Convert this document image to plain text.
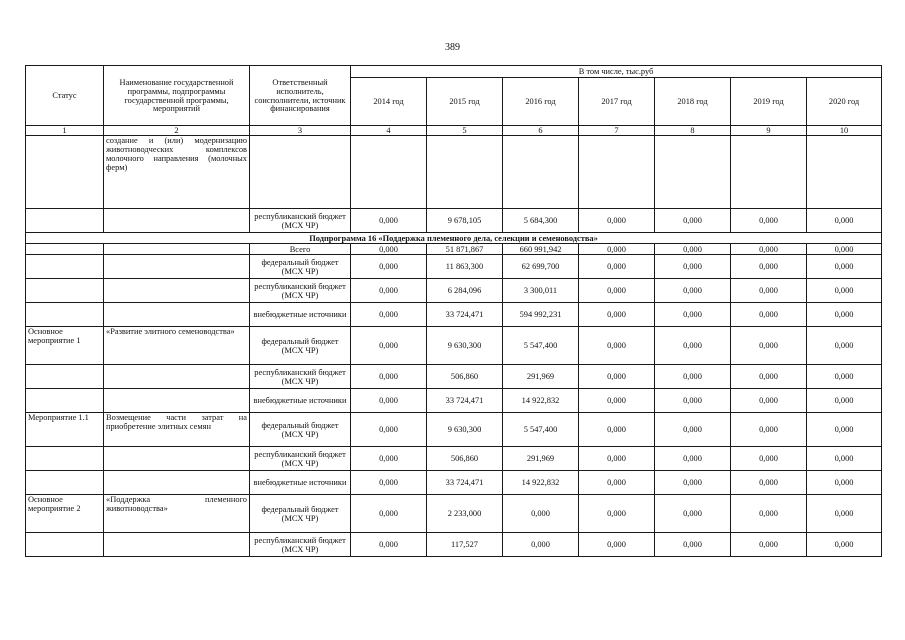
389
Статус	Наименование государственной программы, подпрограммы государственной программы, мероприятий	Ответственный исполнитель, соисполнители, источник финансирования	В том числе, тыс.руб						
			2014 год	2015 год	2016 год	2017 год	2018 год	2019 год	2020 год
1	2	3	4	5	6	7	8	9	10
	создание и (или) модернизацию животноводческих комплексов молочного направления (молочных ферм)								
		республиканский бюджет (МСХ ЧР)	0,000	9 678,105	5 684,300	0,000	0,000	0,000	0,000
Подпрограмма 16 «Поддержка племенного дела, селекции и семеноводства»									
		Всего	0,000	51 871,867	660 991,942	0,000	0,000	0,000	0,000
		федеральный бюджет (МСХ ЧР)	0,000	11 863,300	62 699,700	0,000	0,000	0,000	0,000
		республиканский бюджет (МСХ ЧР)	0,000	6 284,096	3 300,011	0,000	0,000	0,000	0,000
		внебюджетные источники	0,000	33 724,471	594 992,231	0,000	0,000	0,000	0,000
Основное мероприятие 1	«Развитие элитного семеноводства»	федеральный бюджет (МСХ ЧР)	0,000	9 630,300	5 547,400	0,000	0,000	0,000	0,000
		республиканский бюджет (МСХ ЧР)	0,000	506,860	291,969	0,000	0,000	0,000	0,000
		внебюджетные источники	0,000	33 724,471	14 922,832	0,000	0,000	0,000	0,000
Мероприятие 1.1	Возмещение части затрат на приобретение элитных семян	федеральный бюджет (МСХ ЧР)	0,000	9 630,300	5 547,400	0,000	0,000	0,000	0,000
		республиканский бюджет (МСХ ЧР)	0,000	506,860	291,969	0,000	0,000	0,000	0,000
		внебюджетные источники	0,000	33 724,471	14 922,832	0,000	0,000	0,000	0,000
Основное мероприятие 2	«Поддержка племенного животноводства»	федеральный бюджет (МСХ ЧР)	0,000	2 233,000	0,000	0,000	0,000	0,000	0,000
		республиканский бюджет (МСХ ЧР)	0,000	117,527	0,000	0,000	0,000	0,000	0,000
